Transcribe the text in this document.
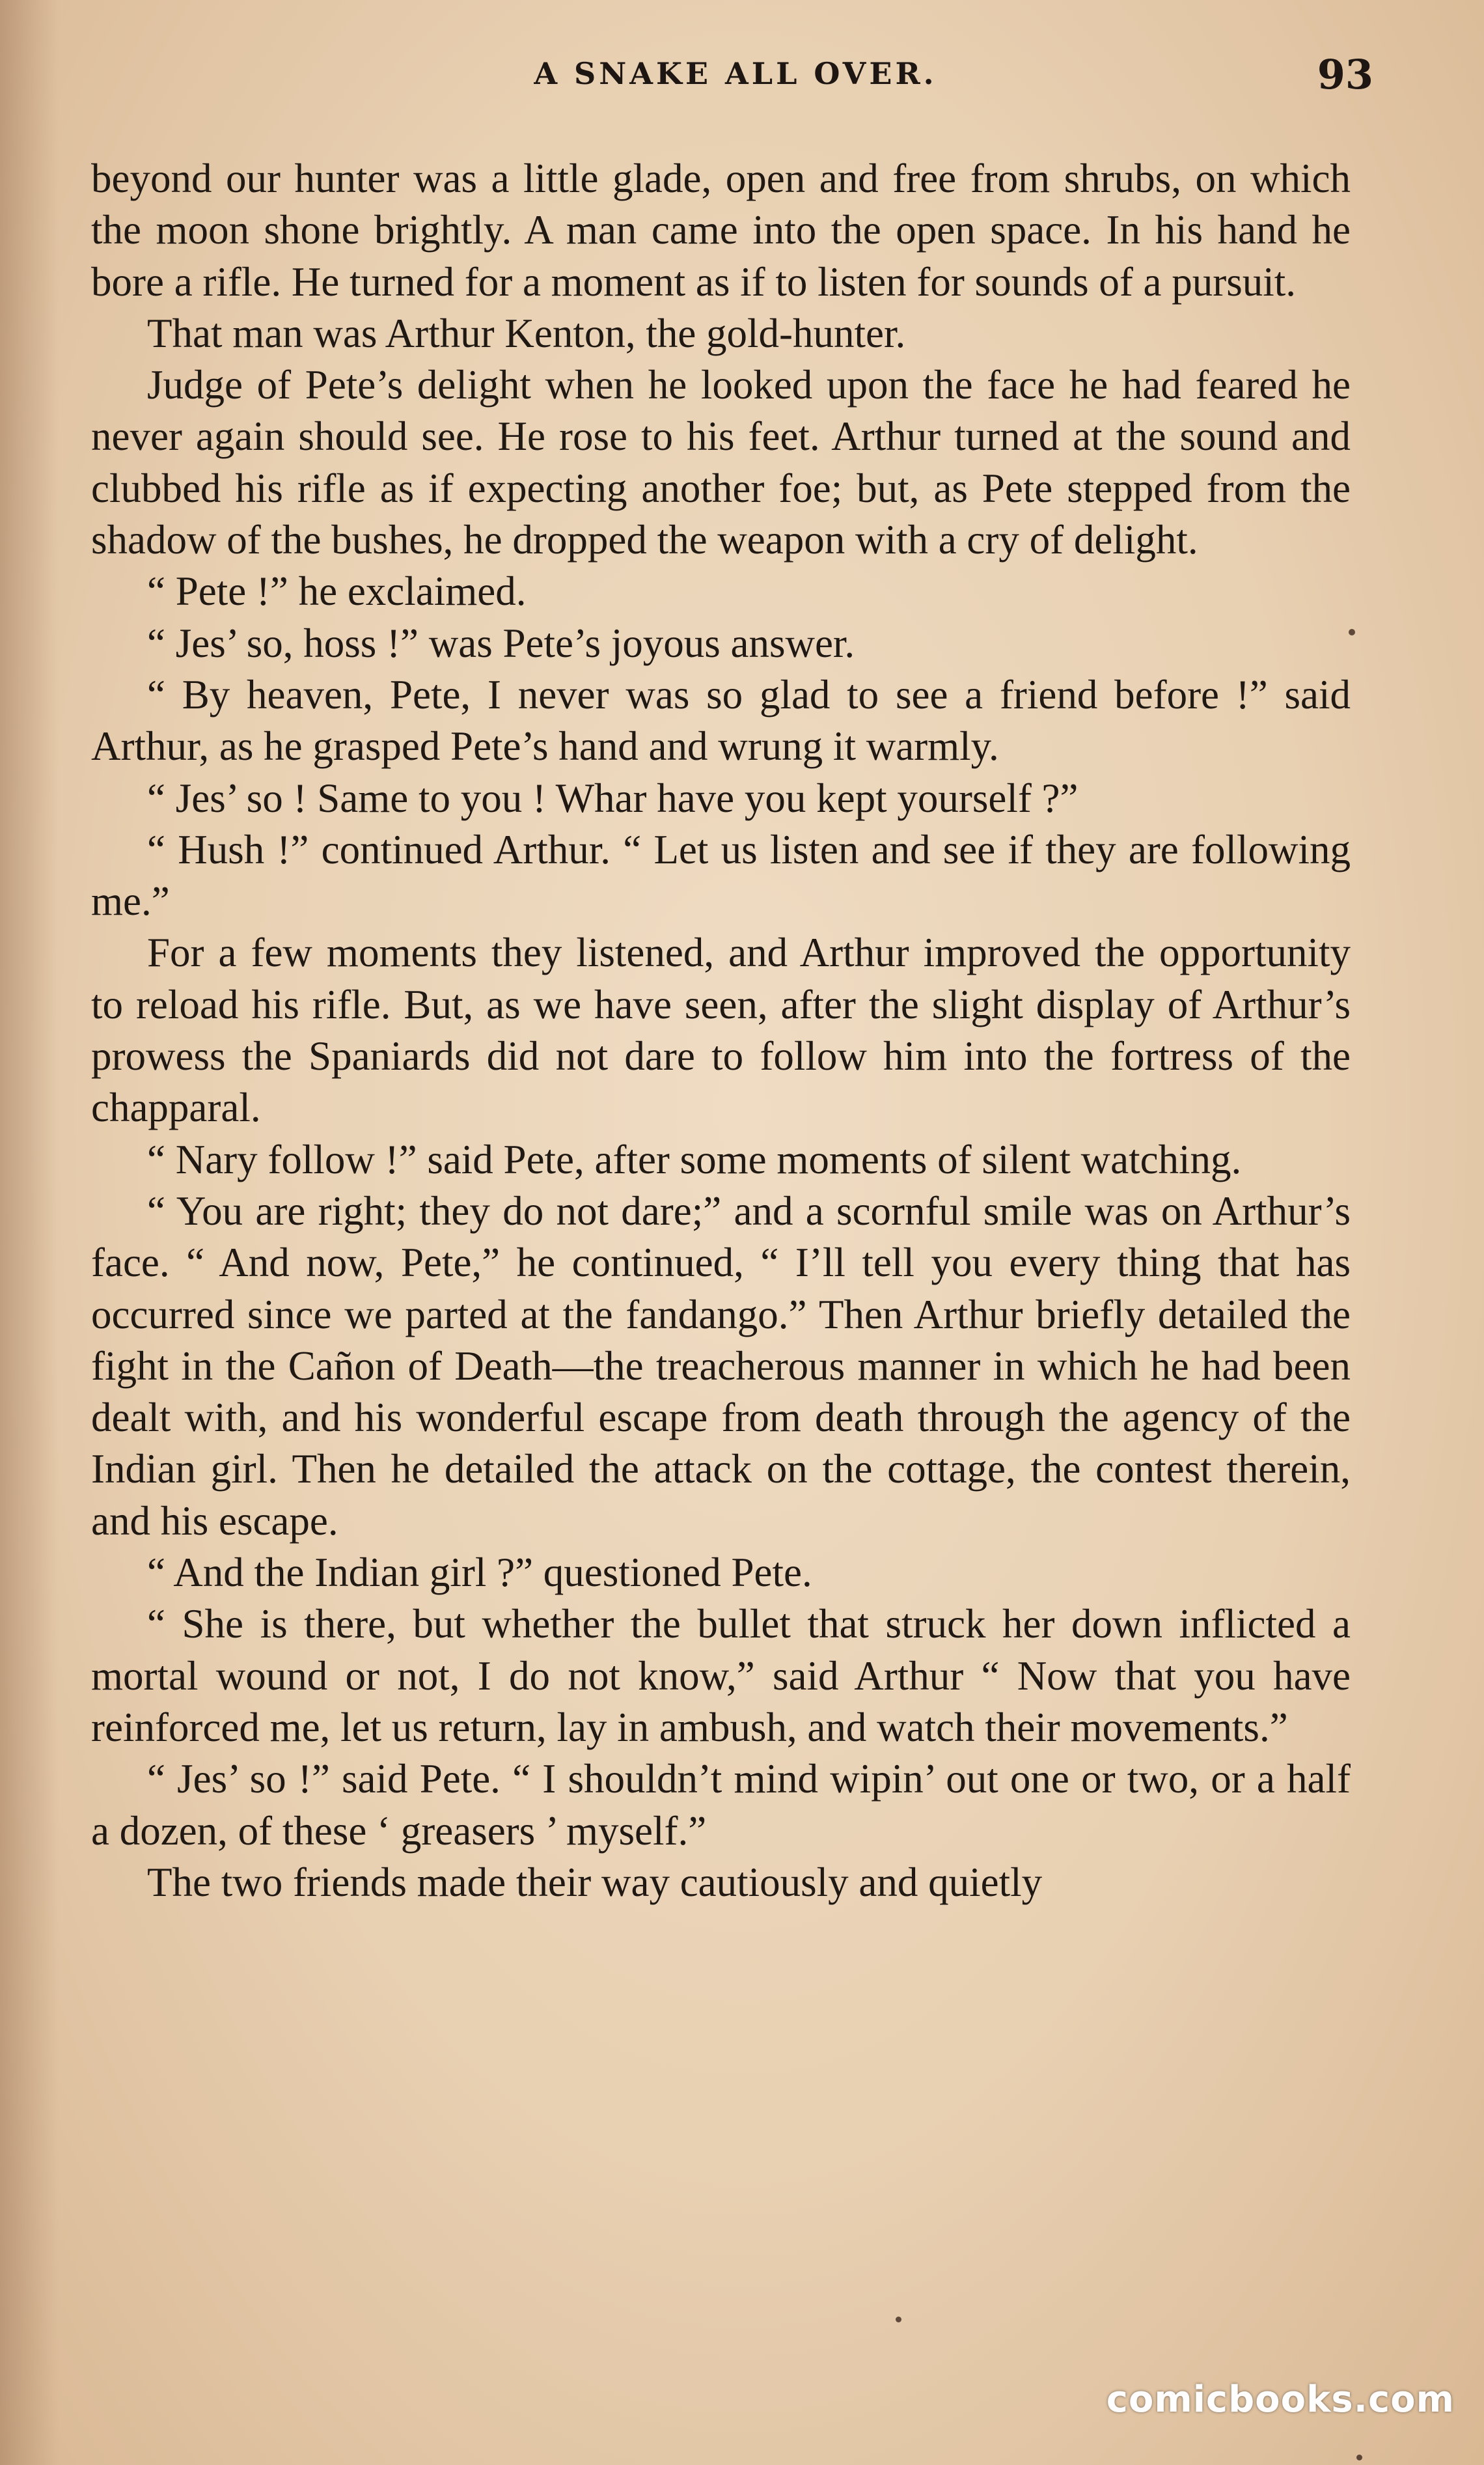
A SNAKE ALL OVER.	93

beyond our hunter was a little glade, open and free from shrubs, on which the moon shone brightly. A man came into the open space. In his hand he bore a rifle. He turned for a moment as if to listen for sounds of a pursuit.

That man was Arthur Kenton, the gold-hunter.

Judge of Pete’s delight when he looked upon the face he had feared he never again should see. He rose to his feet. Arthur turned at the sound and clubbed his rifle as if expecting another foe; but, as Pete stepped from the shadow of the bushes, he dropped the weapon with a cry of delight.

“ Pete !” he exclaimed.

“ Jes’ so, hoss !” was Pete’s joyous answer.

“ By heaven, Pete, I never was so glad to see a friend before !” said Arthur, as he grasped Pete’s hand and wrung it warmly.

“ Jes’ so ! Same to you ! Whar have you kept yourself ?”

“ Hush !” continued Arthur. “ Let us listen and see if they are following me.”

For a few moments they listened, and Arthur improved the opportunity to reload his rifle. But, as we have seen, after the slight display of Arthur’s prowess the Spaniards did not dare to follow him into the fortress of the chapparal.

“ Nary follow !” said Pete, after some moments of silent watching.

“ You are right; they do not dare;” and a scornful smile was on Arthur’s face. “ And now, Pete,” he continued, “ I’ll tell you every thing that has occurred since we parted at the fandango.” Then Arthur briefly detailed the fight in the Cañon of Death—the treacherous manner in which he had been dealt with, and his wonderful escape from death through the agency of the Indian girl. Then he detailed the attack on the cottage, the contest therein, and his escape.

“ And the Indian girl ?” questioned Pete.

“ She is there, but whether the bullet that struck her down inflicted a mortal wound or not, I do not know,” said Arthur “ Now that you have reinforced me, let us return, lay in ambush, and watch their movements.”

“ Jes’ so !” said Pete. “ I shouldn’t mind wipin’ out one or two, or a half a dozen, of these ‘ greasers ’ myself.”

The two friends made their way cautiously and quietly

comicbooks.com
